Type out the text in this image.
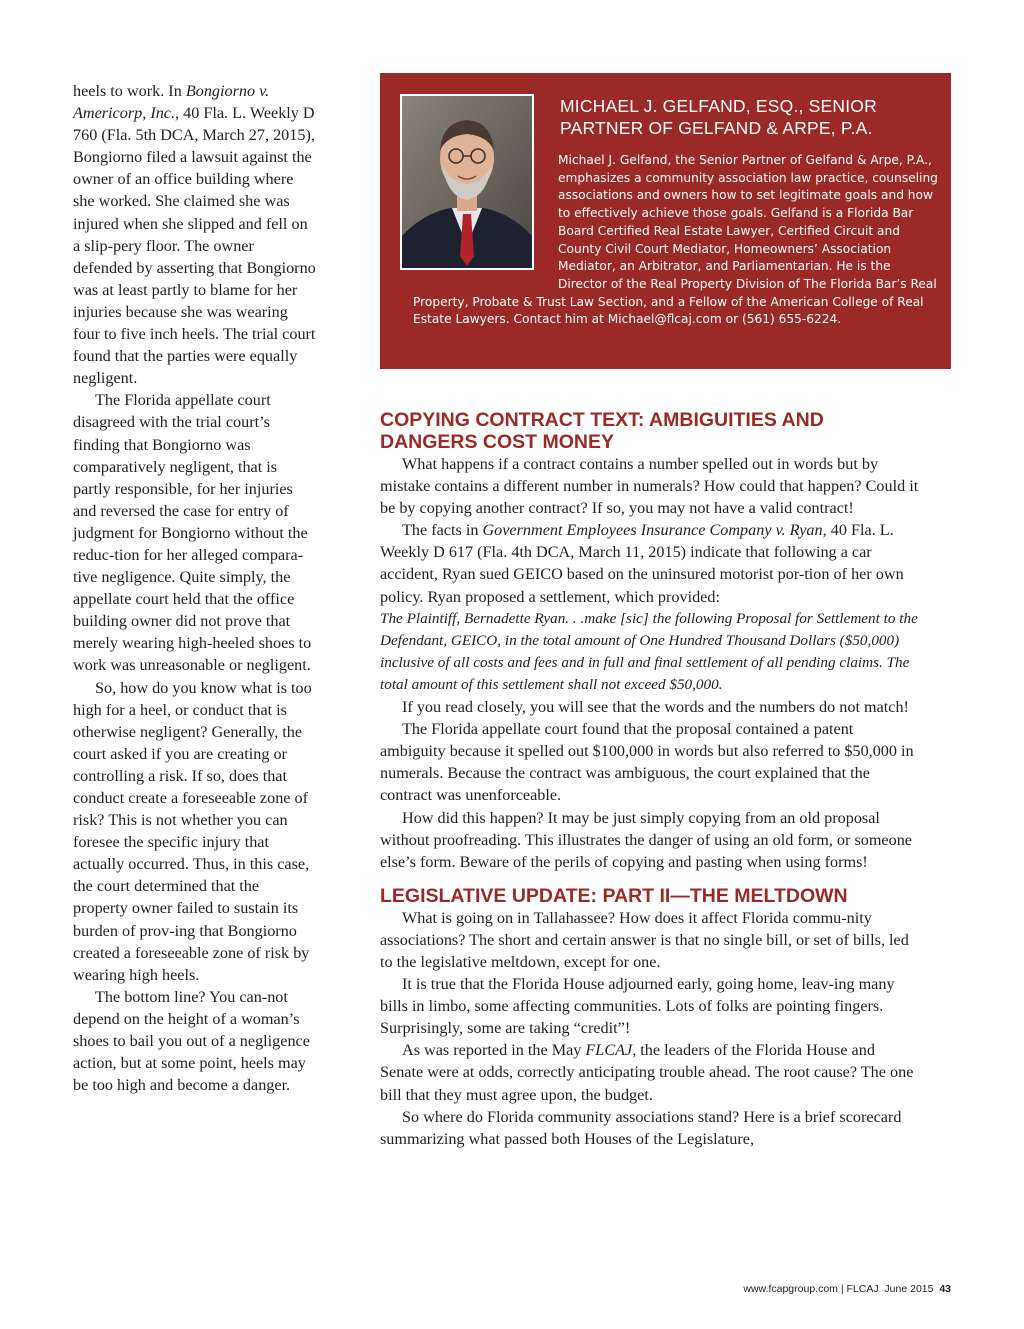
heels to work. In Bongiorno v. Americorp, Inc., 40 Fla. L. Weekly D 760 (Fla. 5th DCA, March 27, 2015), Bongiorno filed a lawsuit against the owner of an office building where she worked. She claimed she was injured when she slipped and fell on a slip-pery floor. The owner defended by asserting that Bongiorno was at least partly to blame for her injuries because she was wearing four to five inch heels. The trial court found that the parties were equally negligent.

The Florida appellate court disagreed with the trial court’s finding that Bongiorno was comparatively negligent, that is partly responsible, for her injuries and reversed the case for entry of judgment for Bongiorno without the reduc-tion for her alleged compara-tive negligence. Quite simply, the appellate court held that the office building owner did not prove that merely wearing high-heeled shoes to work was unreasonable or negligent.

So, how do you know what is too high for a heel, or conduct that is otherwise negligent? Generally, the court asked if you are creating or controlling a risk. If so, does that conduct create a foreseeable zone of risk? This is not whether you can foresee the specific injury that actually occurred. Thus, in this case, the court determined that the property owner failed to sustain its burden of prov-ing that Bongiorno created a foreseeable zone of risk by wearing high heels.

The bottom line? You can-not depend on the height of a woman’s shoes to bail you out of a negligence action, but at some point, heels may be too high and become a danger.

MICHAEL J. GELFAND, ESQ., SENIOR PARTNER OF GELFAND & ARPE, P.A.
Michael J. Gelfand, the Senior Partner of Gelfand & Arpe, P.A., emphasizes a community association law practice, counseling associations and owners how to set legitimate goals and how to effectively achieve those goals. Gelfand is a Florida Bar Board Certified Real Estate Lawyer, Certified Circuit and County Civil Court Mediator, Homeowners’ Association Mediator, an Arbitrator, and Parliamentarian. He is the Director of the Real Property Division of The Florida Bar’s Real Property, Probate & Trust Law Section, and a Fellow of the American College of Real Estate Lawyers. Contact him at Michael@flcaj.com or (561) 655-6224.
COPYING CONTRACT TEXT: AMBIGUITIES AND DANGERS COST MONEY

What happens if a contract contains a number spelled out in words but by mistake contains a different number in numerals? How could that happen? Could it be by copying another contract? If so, you may not have a valid contract!

The facts in Government Employees Insurance Company v. Ryan, 40 Fla. L. Weekly D 617 (Fla. 4th DCA, March 11, 2015) indicate that following a car accident, Ryan sued GEICO based on the uninsured motorist por-tion of her own policy. Ryan proposed a settlement, which provided:

The Plaintiff, Bernadette Ryan. . .make [sic] the following Proposal for Settlement to the Defendant, GEICO, in the total amount of One Hundred Thousand Dollars ($50,000) inclusive of all costs and fees and in full and final settlement of all pending claims. The total amount of this settlement shall not exceed $50,000.

If you read closely, you will see that the words and the numbers do not match!

The Florida appellate court found that the proposal contained a patent ambiguity because it spelled out $100,000 in words but also referred to $50,000 in numerals. Because the contract was ambiguous, the court explained that the contract was unenforceable.

How did this happen? It may be just simply copying from an old proposal without proofreading. This illustrates the danger of using an old form, or someone else’s form. Beware of the perils of copying and pasting when using forms!

LEGISLATIVE UPDATE: PART II—THE MELTDOWN

What is going on in Tallahassee? How does it affect Florida commu-nity associations? The short and certain answer is that no single bill, or set of bills, led to the legislative meltdown, except for one.

It is true that the Florida House adjourned early, going home, leav-ing many bills in limbo, some affecting communities. Lots of folks are pointing fingers. Surprisingly, some are taking “credit”!

As was reported in the May FLCAJ, the leaders of the Florida House and Senate were at odds, correctly anticipating trouble ahead. The root cause? The one bill that they must agree upon, the budget.

So where do Florida community associations stand? Here is a brief scorecard summarizing what passed both Houses of the Legislature,

www.fcapgroup.com | FLCAJ June 2015 43
